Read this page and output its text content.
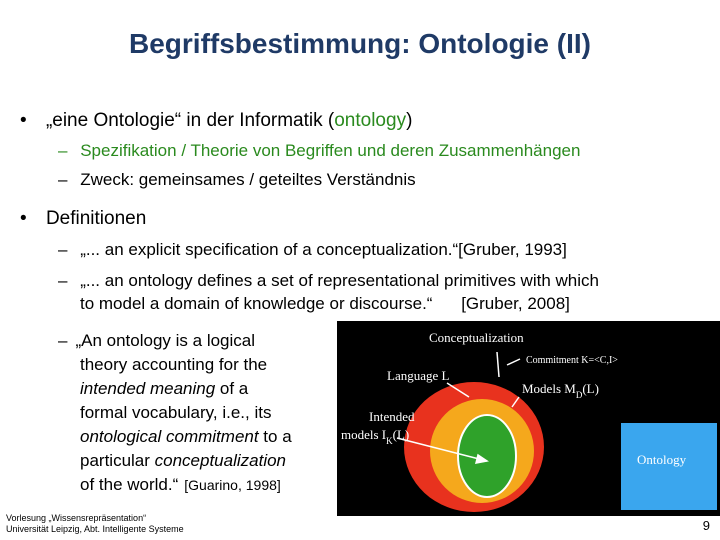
Begriffsbestimmung: Ontologie (II)
• „eine Ontologie“ in der Informatik (ontology)
– Spezifikation / Theorie von Begriffen und deren Zusammenhängen
– Zweck: gemeinsames / geteiltes Verständnis
• Definitionen
– „... an explicit specification of a conceptualization.“[Gruber, 1993]
– „... an ontology defines a set of representational primitives with which
to model a domain of knowledge or discourse.“ [Gruber, 2008]
– „An ontology is a logical
theory accounting for the
intended meaning of a
formal vocabulary, i.e., its
ontological commitment to a
particular conceptualization
of the world.“ [Guarino, 1998]
Conceptualization
Commitment K=<C,I>
Language L
Models $M_D(L)$
Intended
models $I_K(L)$
Ontology
Vorlesung „Wissensrepräsentation“
Universität Leipzig, Abt. Intelligente Systeme	9
